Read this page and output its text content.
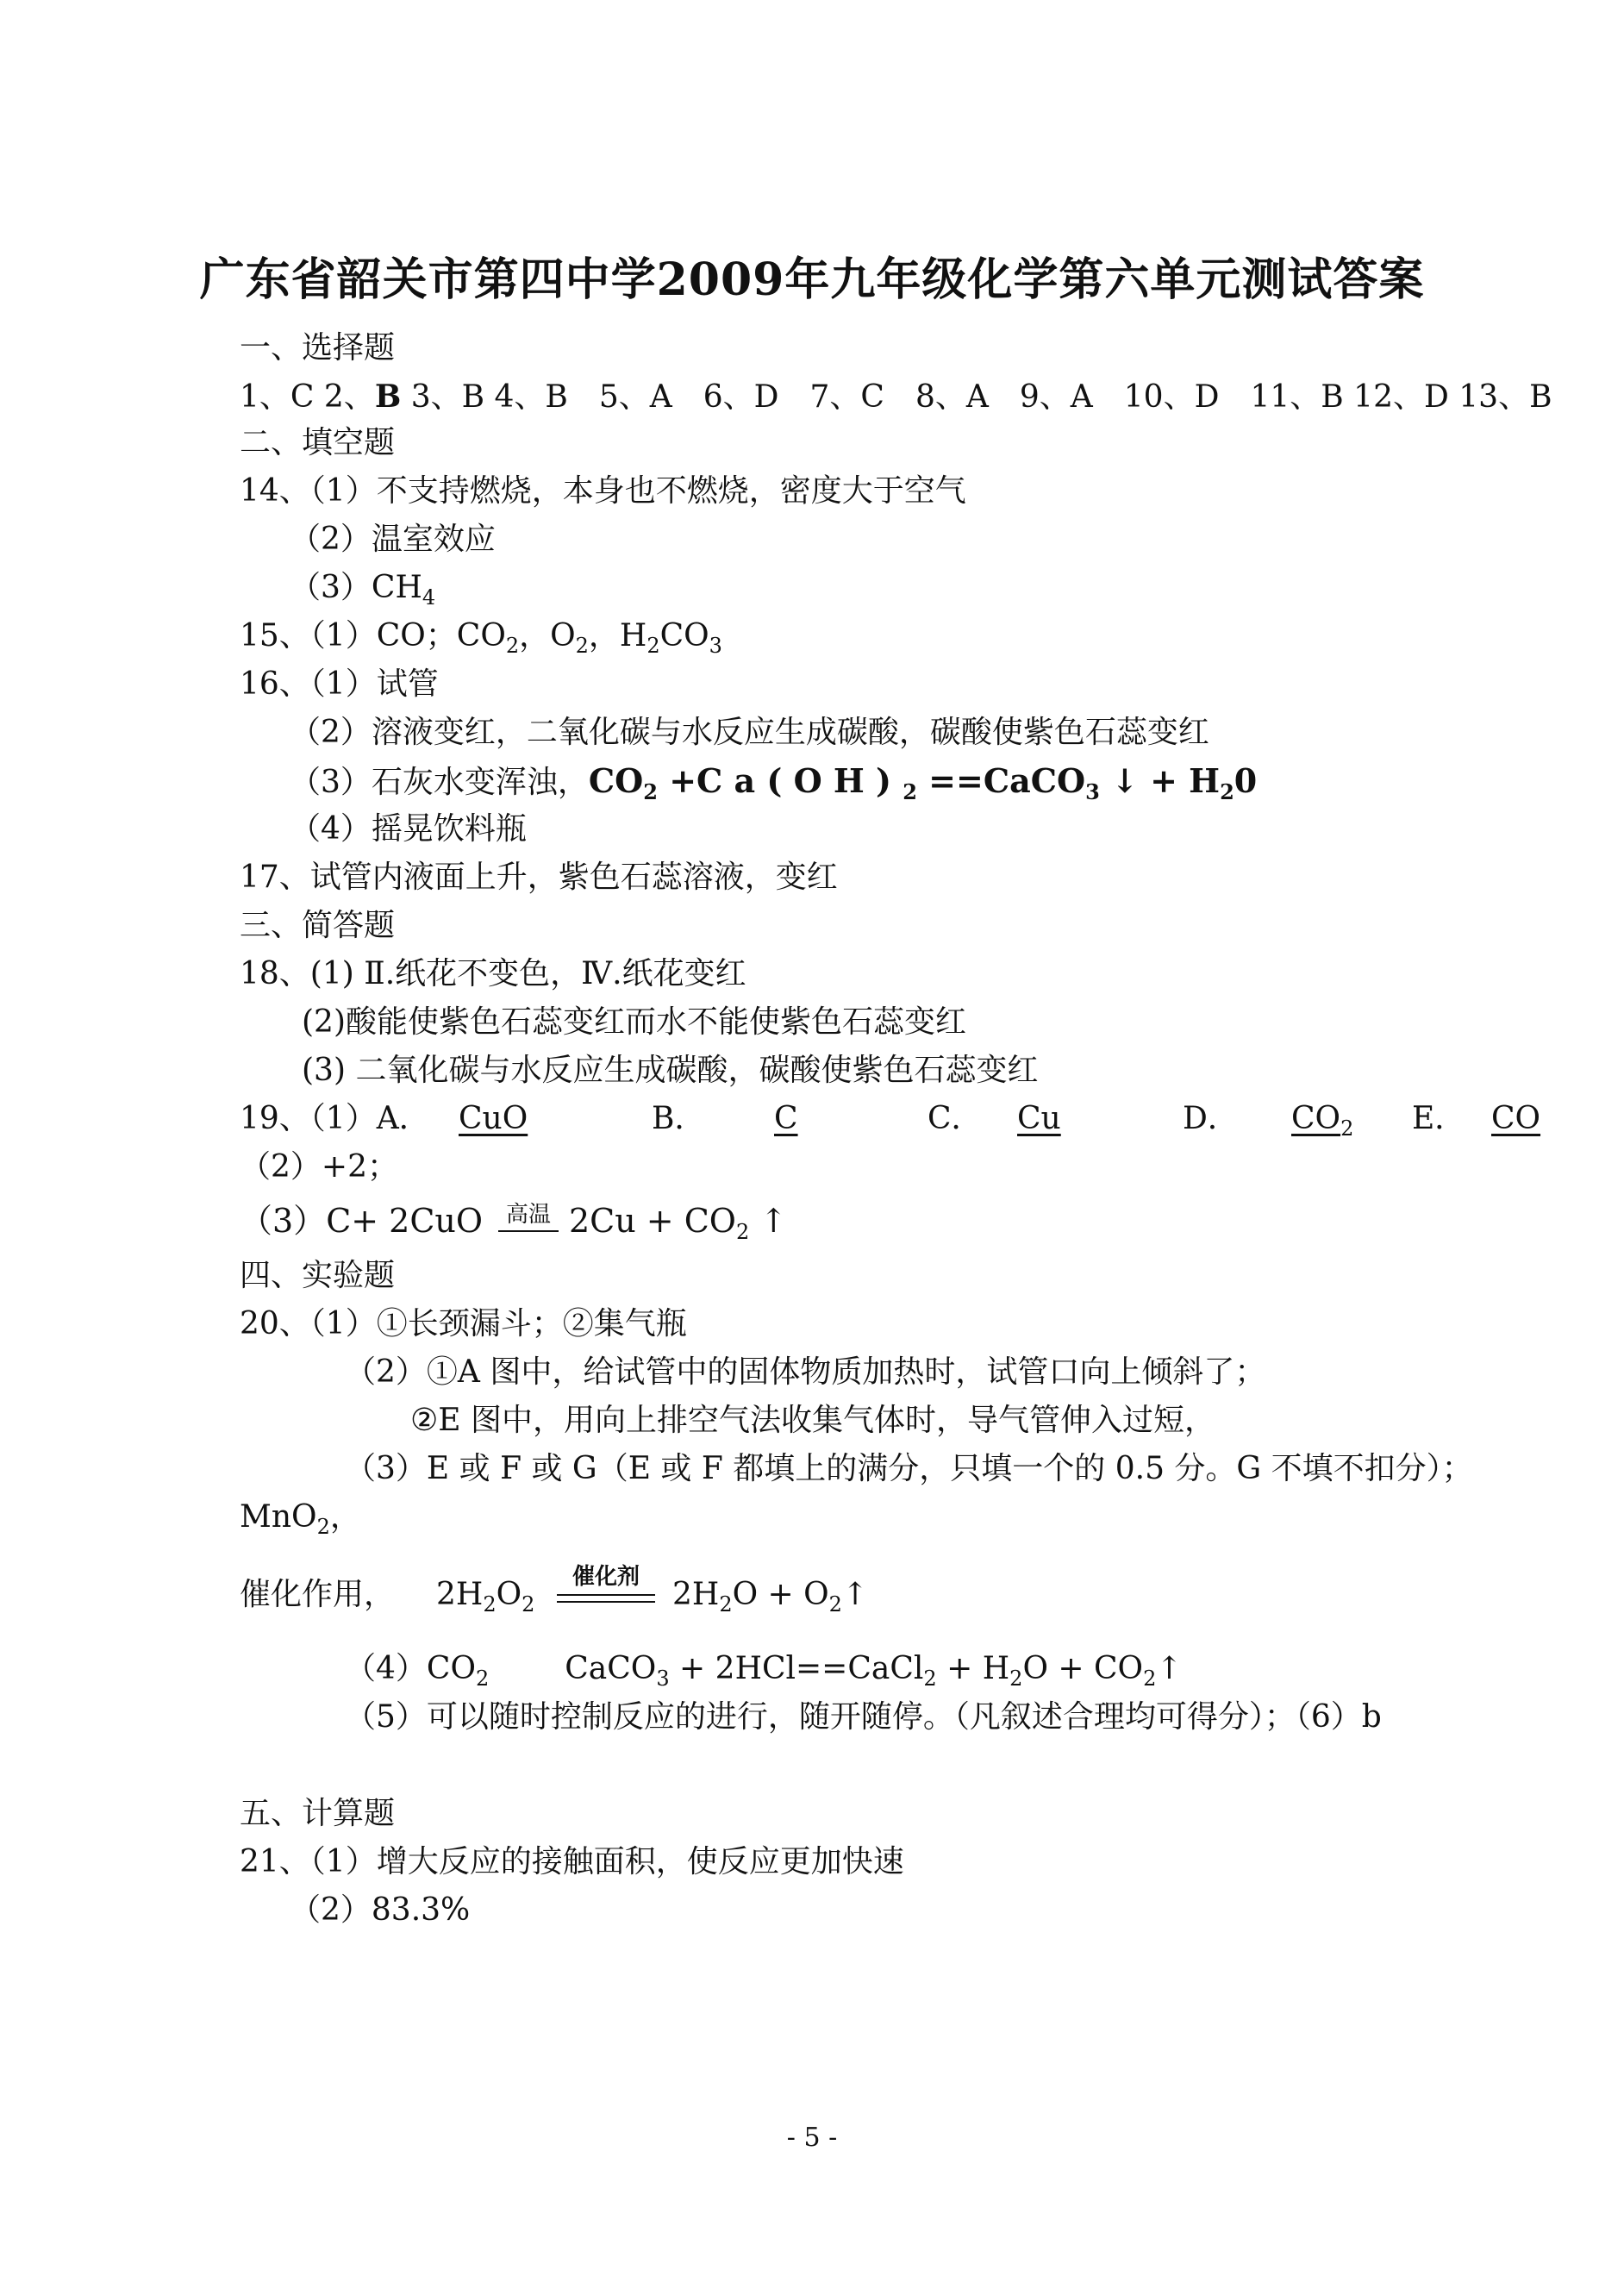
广东省韶关市第四中学2009年九年级化学第六单元测试答案
一、选择题
1、C 2、B 3、B 4、B　5、A　6、D　7、C　8、A　9、A　10、D　11、B 12、D 13、B
二、填空题
14、（1）不支持燃烧，本身也不燃烧，密度大于空气
（2）温室效应
$(3)CH_4$
15、（1）CO；$CO_2$，$O_2$，$H_2CO_3$
16、（1）试管
（2）溶液变红，二氧化碳与水反应生成碳酸，碳酸使紫色石蕊变红
（3）石灰水变浑浊，$CO_2 +C$ a ( O H ) $_2$ ==CaCO$_3$ ↓ + $H_20$
（4）摇晃饮料瓶
17、试管内液面上升，紫色石蕊溶液，变红
三、简答题
18、(1) Ⅱ.纸花不变色，Ⅳ.纸花变红
(2)酸能使紫色石蕊变红而水不能使紫色石蕊变红
(3) 二氧化碳与水反应生成碳酸，碳酸使紫色石蕊变红
19、（1）A． CuO	B．	C	C．	Cu	D．	$CO_2$	E． CO
（2）+2；
（3）C+ 2CuO	高温 $2Cu + CO_2$ ↑
四、实验题
20、（1）①长颈漏斗；②集气瓶
（2）①A 图中，给试管中的固体物质加热时，试管口向上倾斜了；
②E 图中，用向上排空气法收集气体时，导气管伸入过短，
（3）E 或 F 或 G（E 或 F 都填上的满分，只填一个的 0.5 分。G 不填不扣分）；
MnO$_2$，
催化作用， $2H_2O_2$
催化剂	$2H_2O$ + $O_2↑$
$(4)CO_2$ CaCO$_3$ + 2HCl==CaCl$_2$ + $H_2O$ + $CO_2↑$
（5）可以随时控制反应的进行，随开随停。（凡叙述合理均可得分）；（6）b
五、计算题
21、（1）增大反应的接触面积，使反应更加快速
（2）83.3%
- 5 -
